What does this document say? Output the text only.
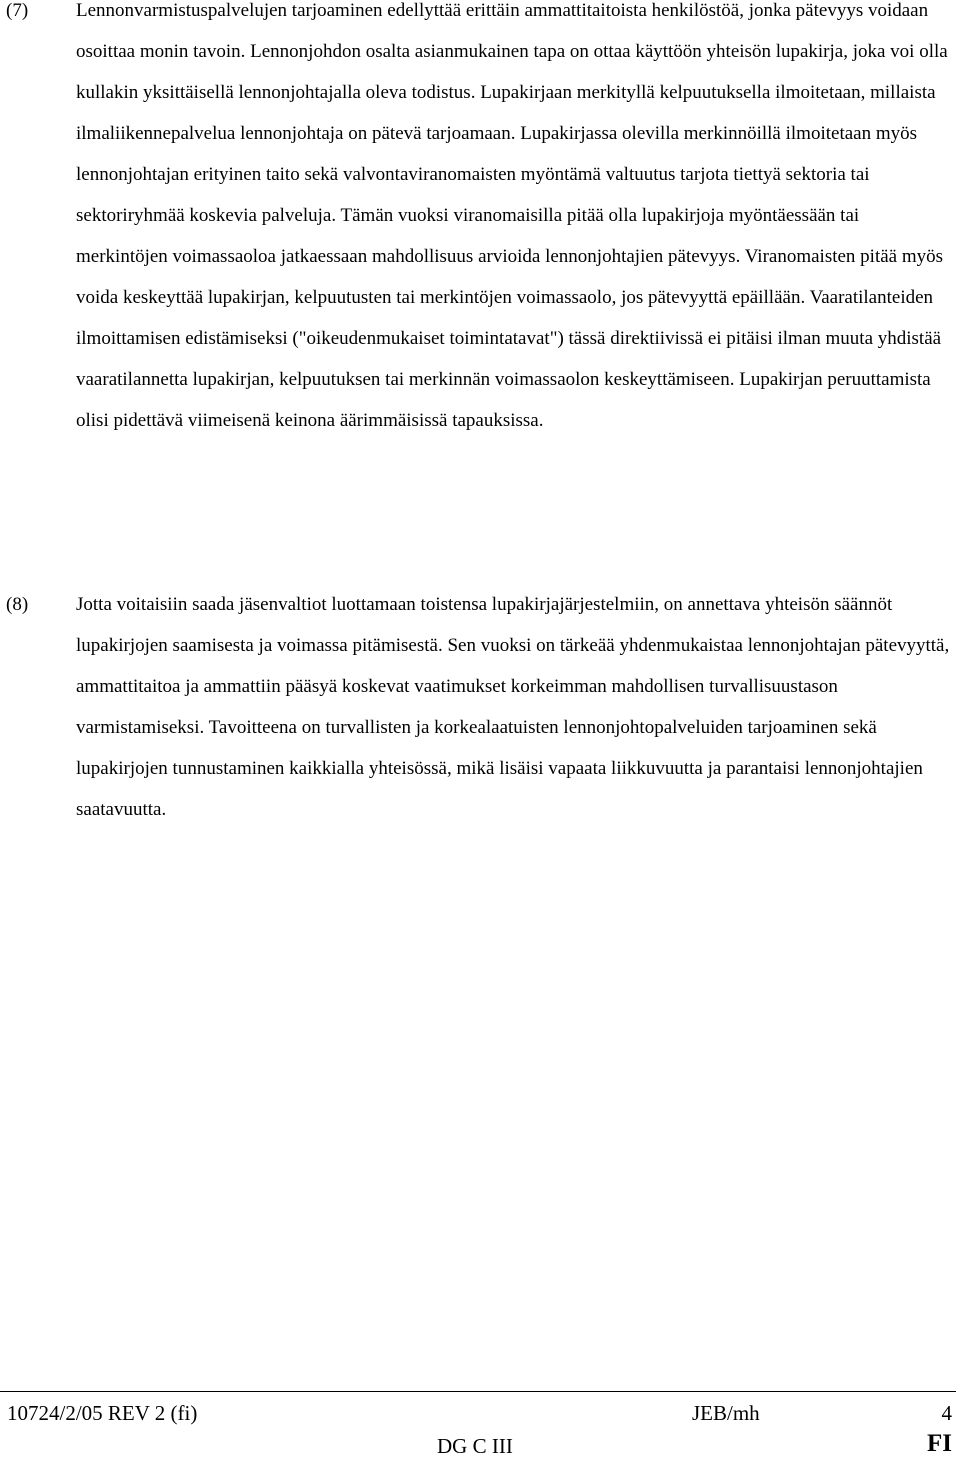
(7)	Lennonvarmistuspalvelujen tarjoaminen edellyttää erittäin ammattitaitoista henkilöstöä, jonka pätevyys voidaan osoittaa monin tavoin. Lennonjohdon osalta asianmukainen tapa on ottaa käyttöön yhteisön lupakirja, joka voi olla kullakin yksittäisellä lennonjohtajalla oleva todistus. Lupakirjaan merkityllä kelpuutuksella ilmoitetaan, millaista ilmaliikennepalvelua lennonjohtaja on pätevä tarjoamaan. Lupakirjassa olevilla merkinnöillä ilmoitetaan myös lennonjohtajan erityinen taito sekä valvontaviranomaisten myöntämä valtuutus tarjota tiettyä sektoria tai sektoriryhmää koskevia palveluja. Tämän vuoksi viranomaisilla pitää olla lupakirjoja myöntäessään tai merkintöjen voimassaoloa jatkaessaan mahdollisuus arvioida lennonjohtajien pätevyys. Viranomaisten pitää myös voida keskeyttää lupakirjan, kelpuutusten tai merkintöjen voimassaolo, jos pätevyyttä epäillään. Vaaratilanteiden ilmoittamisen edistämiseksi ("oikeudenmukaiset toimintatavat") tässä direktiivissä ei pitäisi ilman muuta yhdistää vaaratilannetta lupakirjan, kelpuutuksen tai merkinnän voimassaolon keskeyttämiseen. Lupakirjan peruuttamista olisi pidettävä viimeisenä keinona äärimmäisissä tapauksissa.
(8)	Jotta voitaisiin saada jäsenvaltiot luottamaan toistensa lupakirjajärjestelmiin, on annettava yhteisön säännöt lupakirjojen saamisesta ja voimassa pitämisestä. Sen vuoksi on tärkeää yhdenmukaistaa lennonjohtajan pätevyyttä, ammattitaitoa ja ammattiin pääsyä koskevat vaatimukset korkeimman mahdollisen turvallisuustason varmistamiseksi. Tavoitteena on turvallisten ja korkealaatuisten lennonjohtopalveluiden tarjoaminen sekä lupakirjojen tunnustaminen kaikkialla yhteisössä, mikä lisäisi vapaata liikkuvuutta ja parantaisi lennonjohtajien saatavuutta.
10724/2/05 REV 2 (fi)	JEB/mh	4
DG C III	FI
